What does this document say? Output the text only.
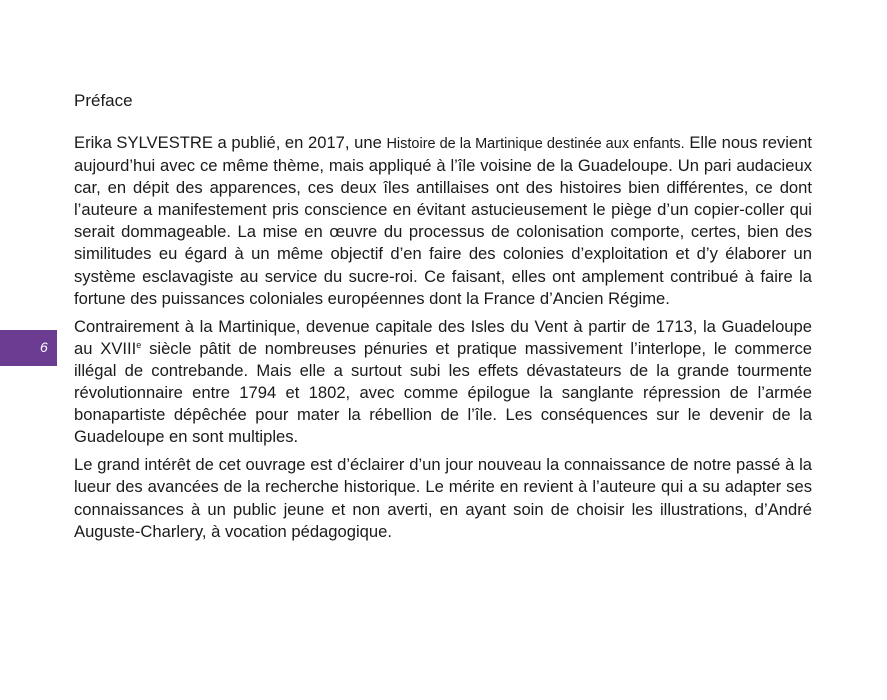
6
Préface

Erika SYLVESTRE a publié, en 2017, une Histoire de la Martinique destinée aux enfants. Elle nous revient aujourd’hui avec ce même thème, mais appliqué à l’île voisine de la Guadeloupe. Un pari audacieux car, en dépit des apparences, ces deux îles antillaises ont des histoires bien différentes, ce dont l’auteure a manifestement pris conscience en évitant astucieusement le piège d’un copier-coller qui serait dommageable. La mise en œuvre du processus de colonisation comporte, certes, bien des similitudes eu égard à un même objectif d’en faire des colonies d’exploitation et d’y élaborer un système esclavagiste au service du sucre-roi. Ce faisant, elles ont amplement contribué à faire la fortune des puissances coloniales européennes dont la France d’Ancien Régime.

Contrairement à la Martinique, devenue capitale des Isles du Vent à partir de 1713, la Guadeloupe au XVIIIe siècle pâtit de nombreuses pénuries et pratique massivement l’interlope, le commerce illégal de contrebande. Mais elle a surtout subi les effets dévastateurs de la grande tourmente révolutionnaire entre 1794 et 1802, avec comme épilogue la sanglante répression de l’armée bonapartiste dépêchée pour mater la rébellion de l’île. Les conséquences sur le devenir de la Guadeloupe en sont multiples.

Le grand intérêt de cet ouvrage est d’éclairer d’un jour nouveau la connaissance de notre passé à la lueur des avancées de la recherche historique. Le mérite en revient à l’auteure qui a su adapter ses connaissances à un public jeune et non averti, en ayant soin de choisir les illustrations, d’André Auguste-Charlery, à vocation pédagogique.
